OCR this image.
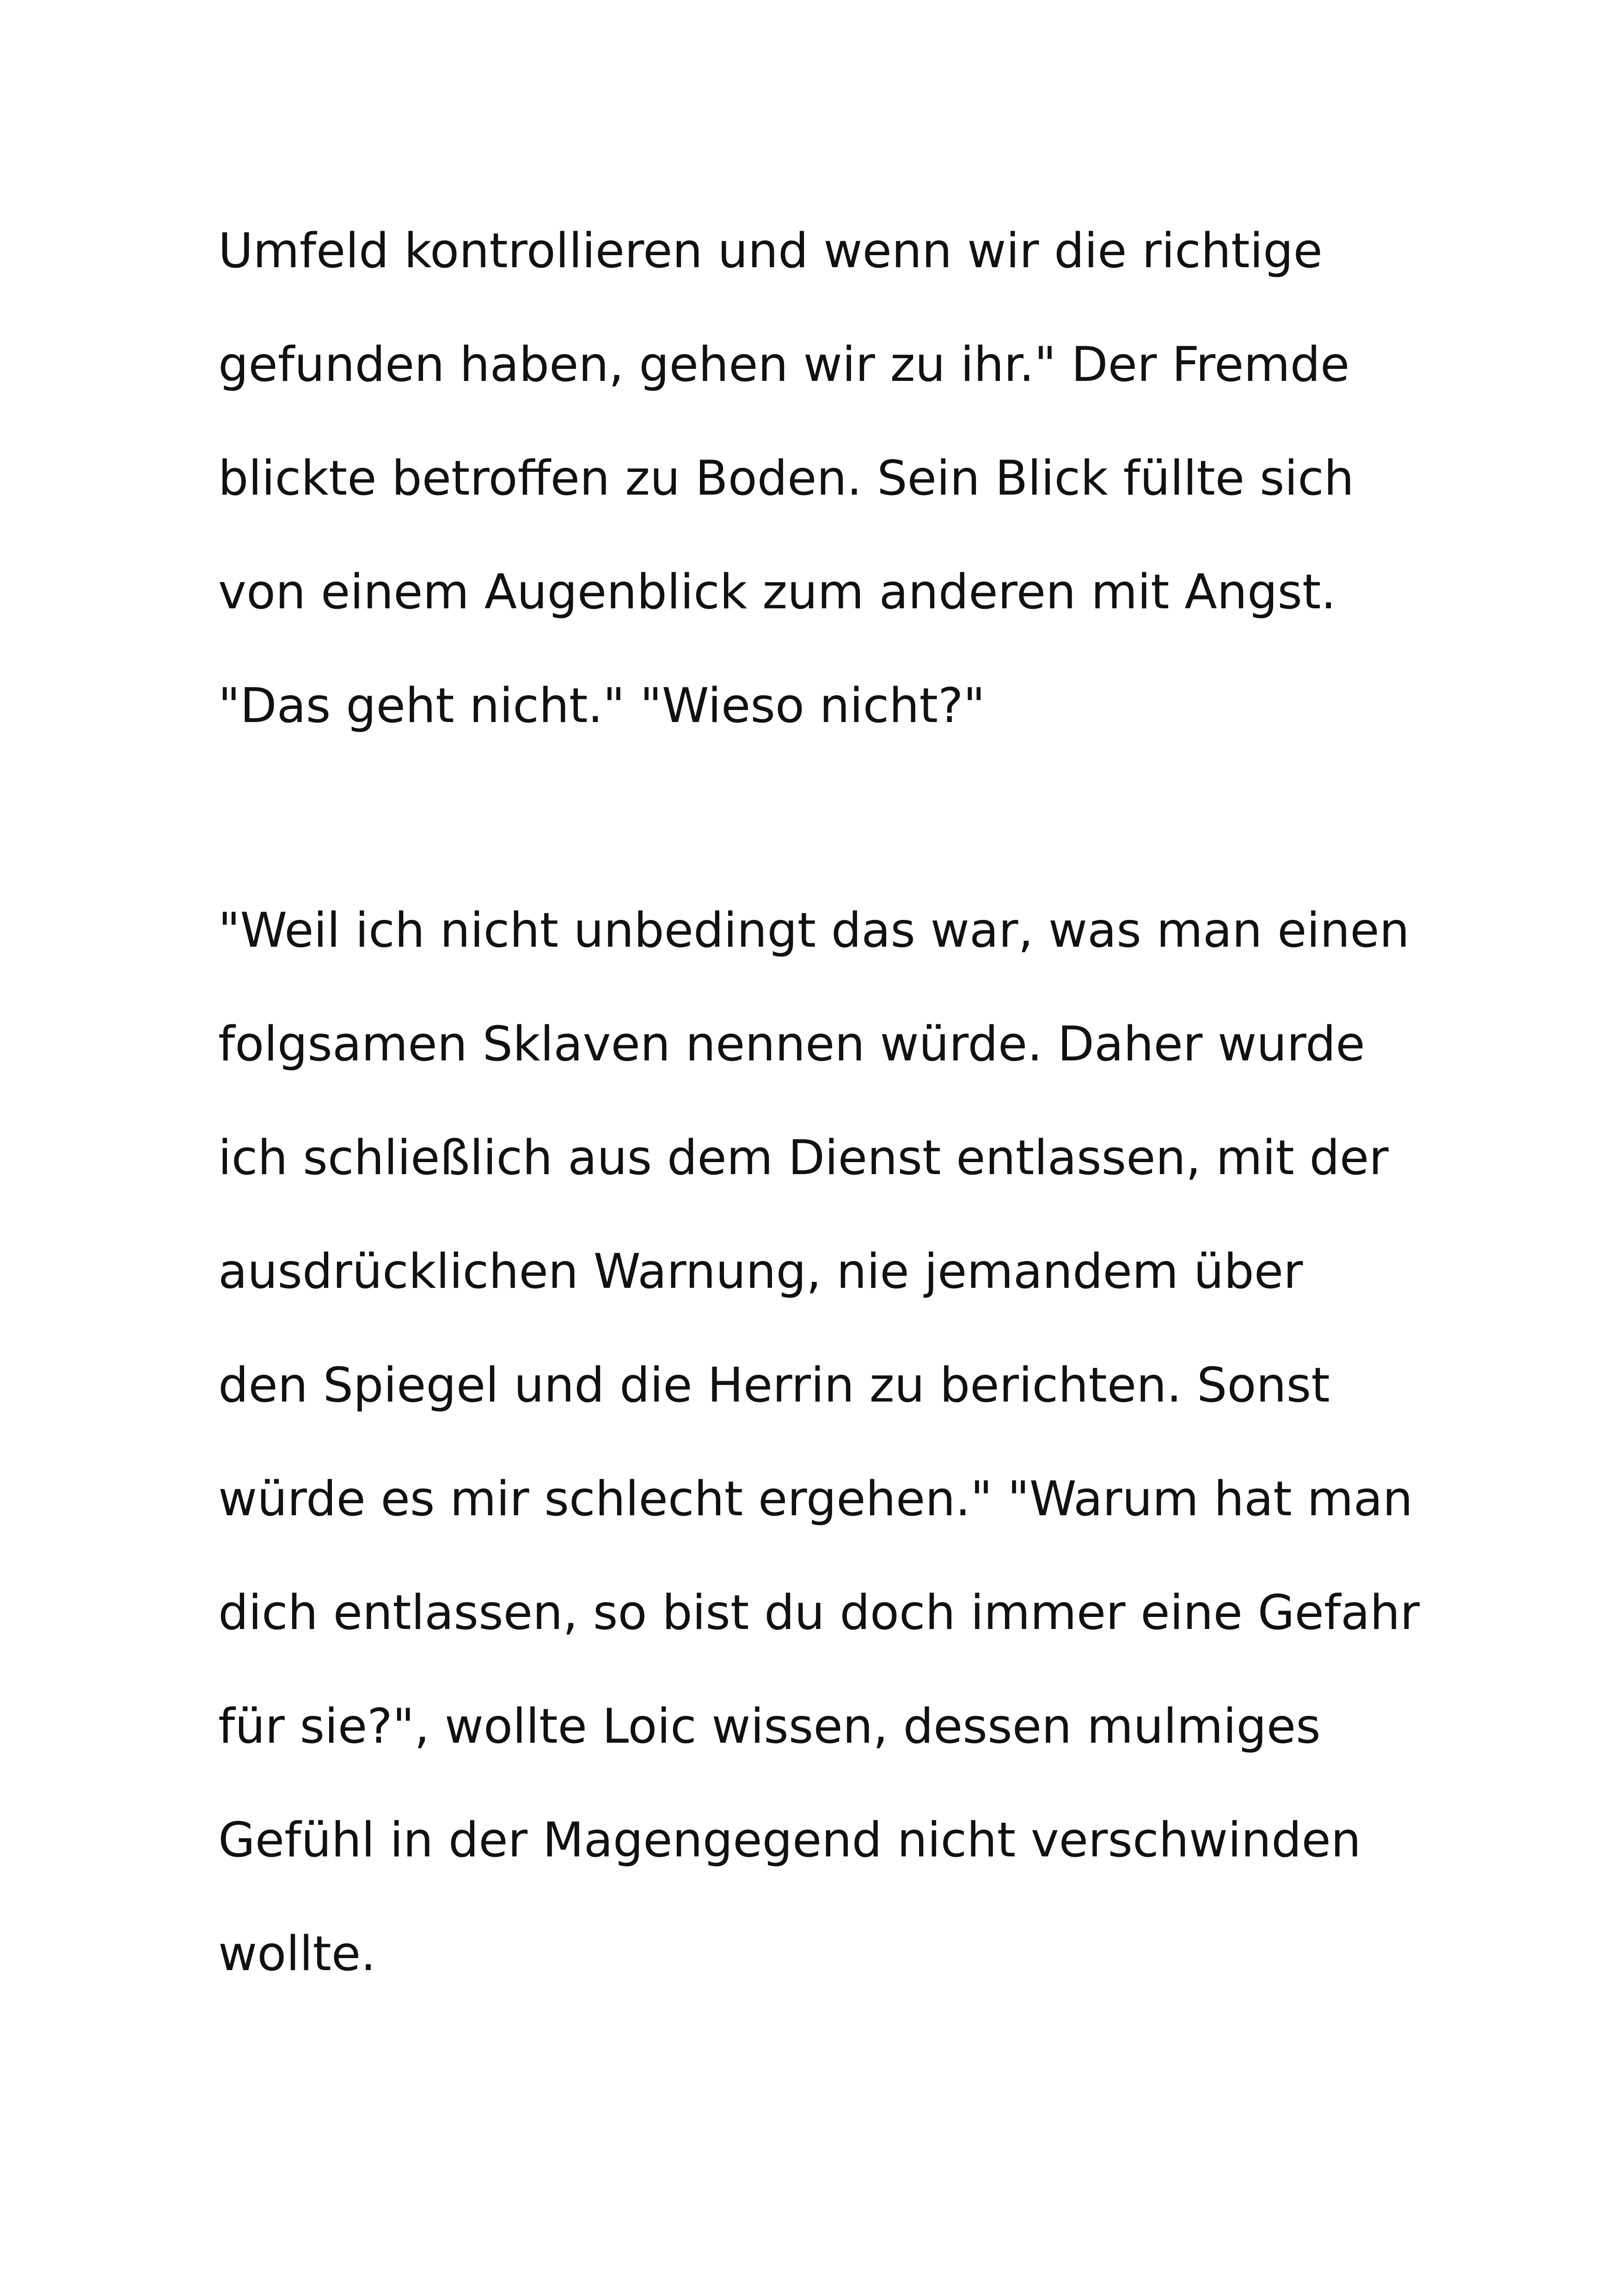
Umfeld kontrollieren und wenn wir die richtige
gefunden haben, gehen wir zu ihr." Der Fremde
blickte betroffen zu Boden. Sein Blick füllte sich
von einem Augenblick zum anderen mit Angst.
"Das geht nicht." "Wieso nicht?"
"Weil ich nicht unbedingt das war, was man einen
folgsamen Sklaven nennen würde. Daher wurde
ich schließlich aus dem Dienst entlassen, mit der
ausdrücklichen Warnung, nie jemandem über
den Spiegel und die Herrin zu berichten. Sonst
würde es mir schlecht ergehen." "Warum hat man
dich entlassen, so bist du doch immer eine Gefahr
für sie?", wollte Loic wissen, dessen mulmiges
Gefühl in der Magengegend nicht verschwinden
wollte.
